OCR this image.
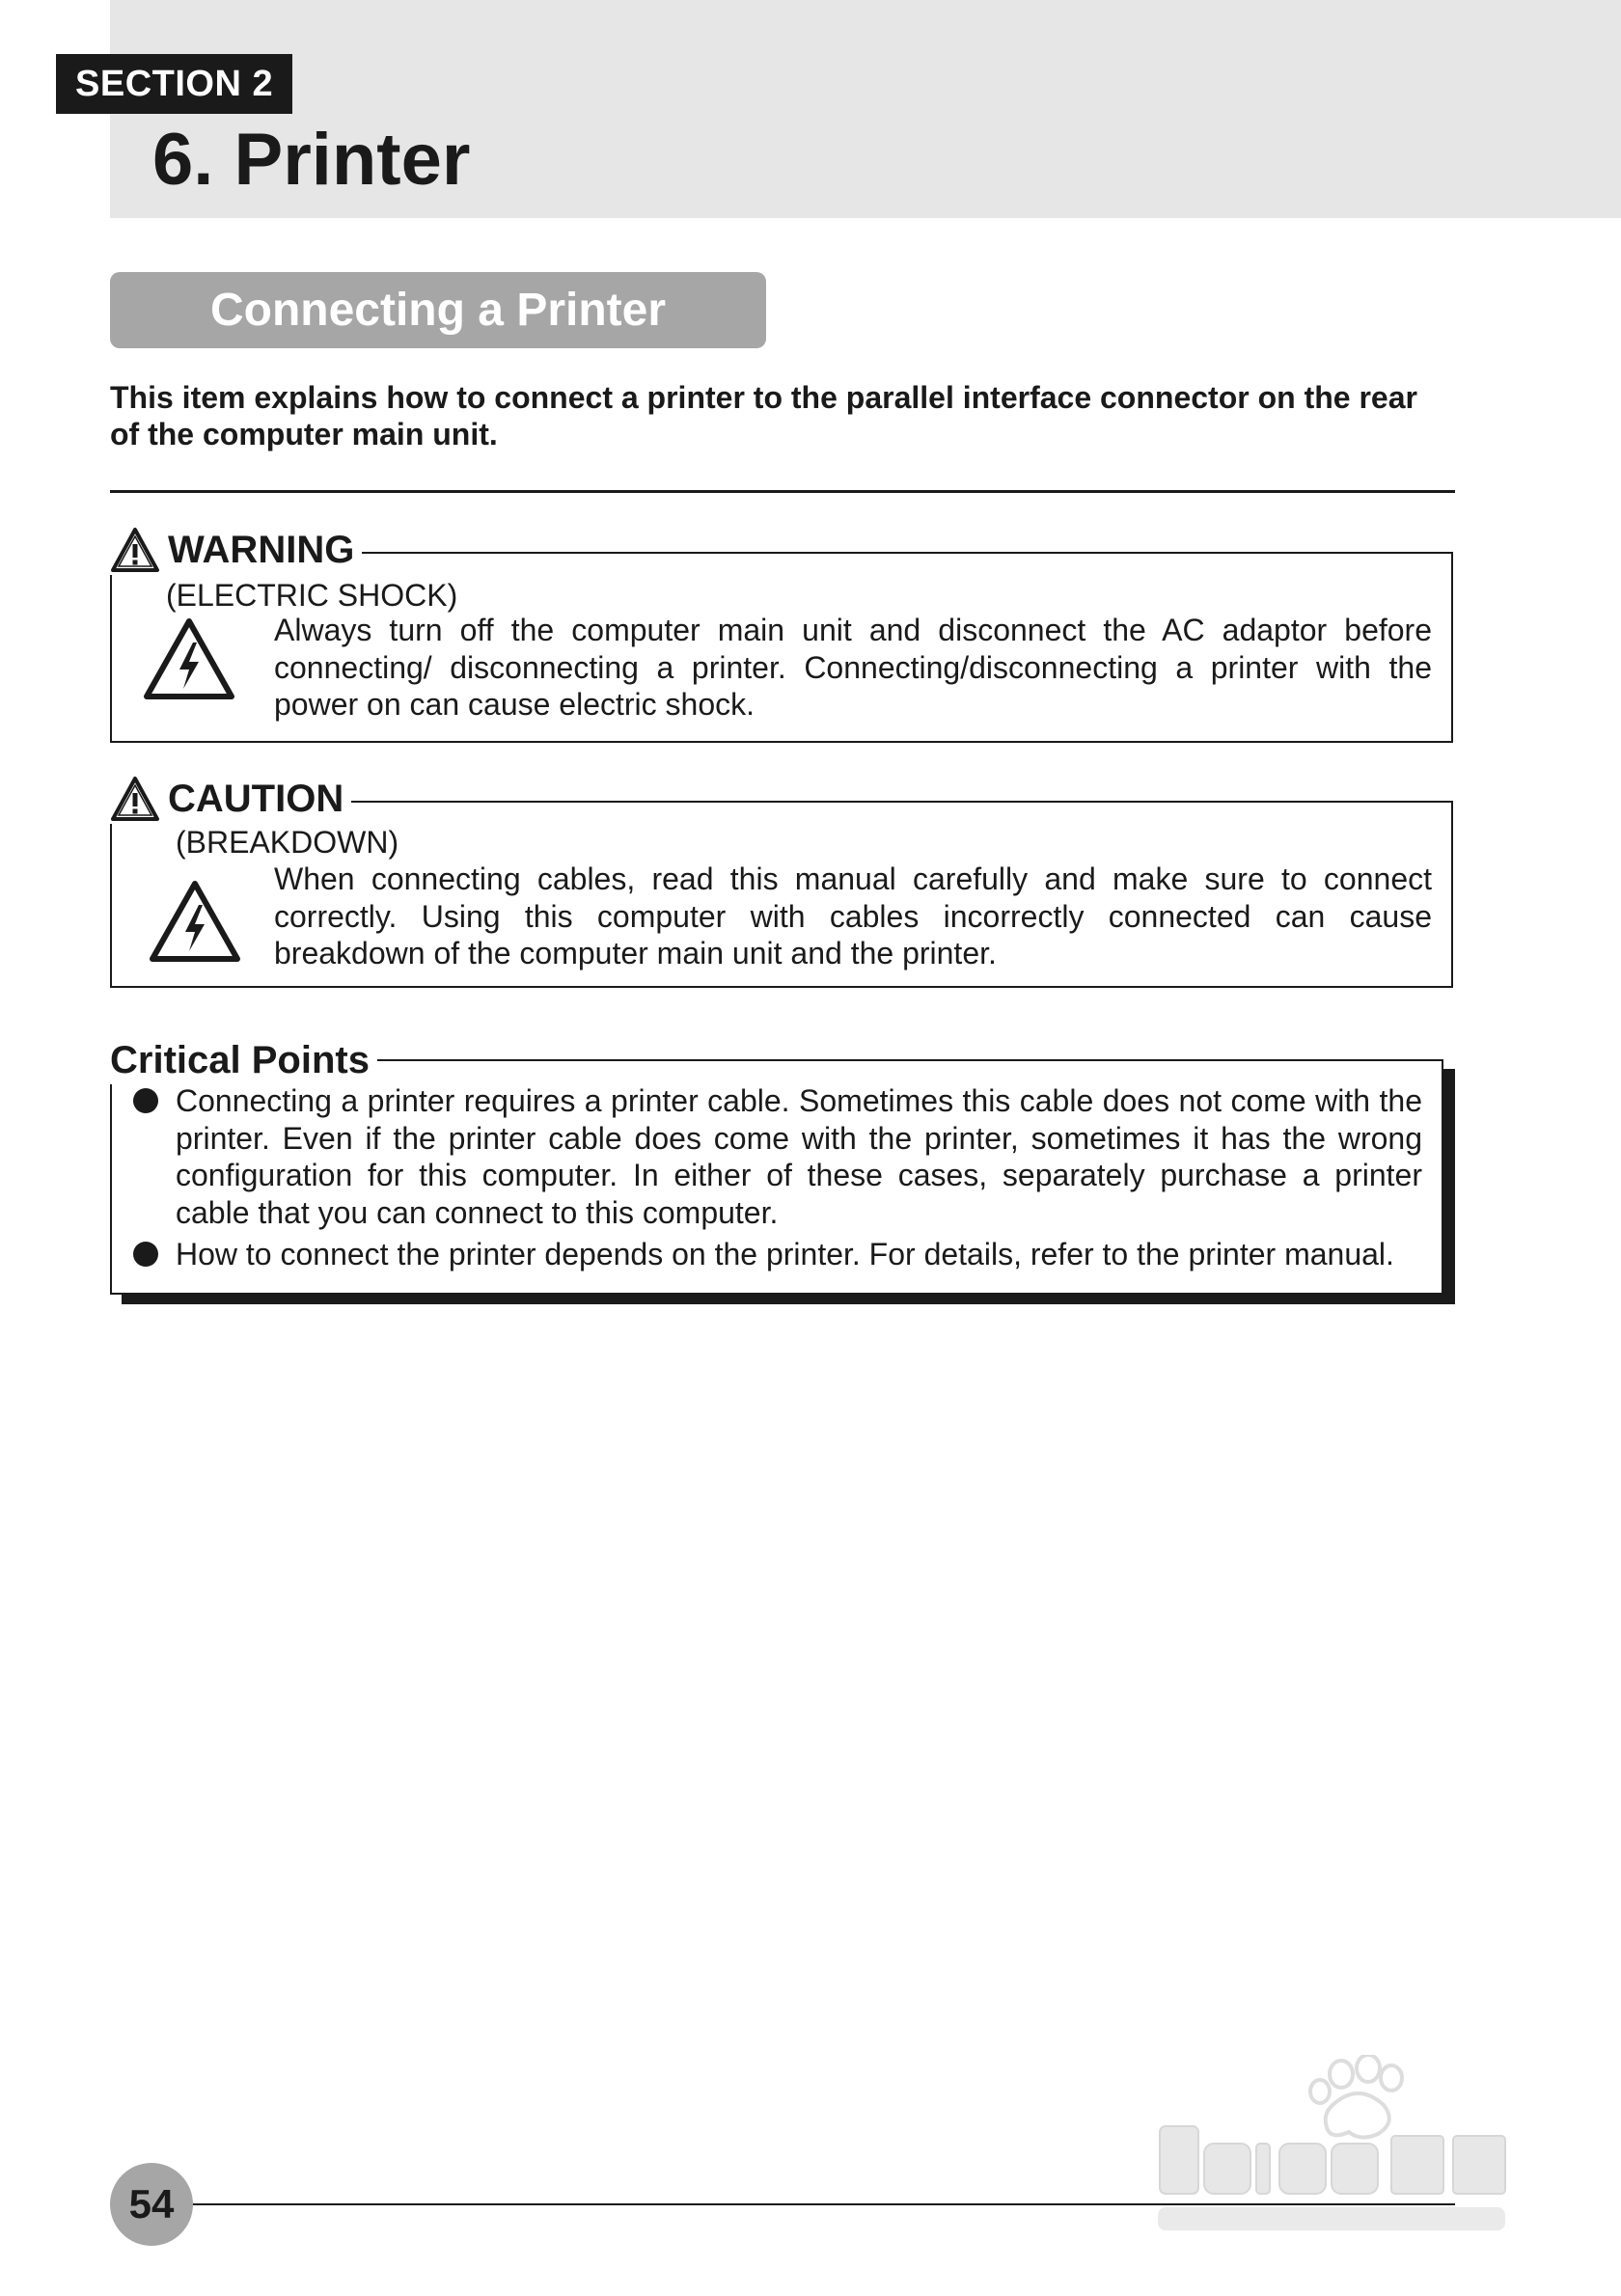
SECTION 2
6. Printer
Connecting a Printer

This item explains how to connect a printer to the parallel interface connector on the rear of the computer main unit.

WARNING
(ELECTRIC SHOCK)
Always turn off the computer main unit and disconnect the AC adaptor before connecting/ disconnecting a printer. Connecting/disconnecting a printer with the power on can cause electric shock.
CAUTION
(BREAKDOWN)
When connecting cables, read this manual carefully and make sure to connect correctly. Using this computer with cables incorrectly connected can cause breakdown of the computer main unit and the printer.
Critical Points
Connecting a printer requires a printer cable. Sometimes this cable does not come with the printer. Even if the printer cable does come with the printer, sometimes it has the wrong configuration for this computer. In either of these cases, separately purchase a printer cable that you can connect to this computer.
How to connect the printer depends on the printer. For details, refer to the printer manual.
54
